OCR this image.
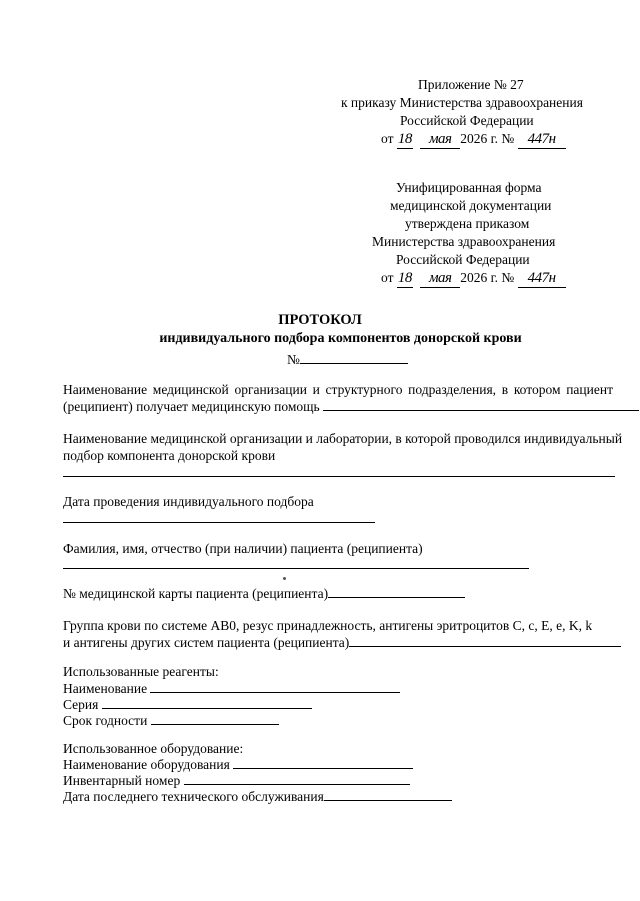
Приложение № 27
к приказу Министерства здравоохранения
Российской Федерации
от 18 мая 2026 г. № 447н
Унифицированная форма
медицинской документации
утверждена приказом
Министерства здравоохранения
Российской Федерации
от 18 мая 2026 г. № 447н
ПРОТОКОЛ
индивидуального подбора компонентов донорской крови
№
Наименование медицинской организации и структурного подразделения, в котором пациент
(реципиент) получает медицинскую помощь
Наименование медицинской организации и лаборатории, в которой проводился индивидуальный
подбор компонента донорской крови
Дата проведения индивидуального подбора
Фамилия, имя, отчество (при наличии) пациента (реципиента)
№ медицинской карты пациента (реципиента)
Группа крови по системе АВ0, резус принадлежность, антигены эритроцитов С, с, Е, е, K, k
и антигены других систем пациента (реципиента)
Использованные реагенты:
Наименование
Серия
Срок годности
Использованное оборудование:
Наименование оборудования
Инвентарный номер
Дата последнего технического обслуживания
